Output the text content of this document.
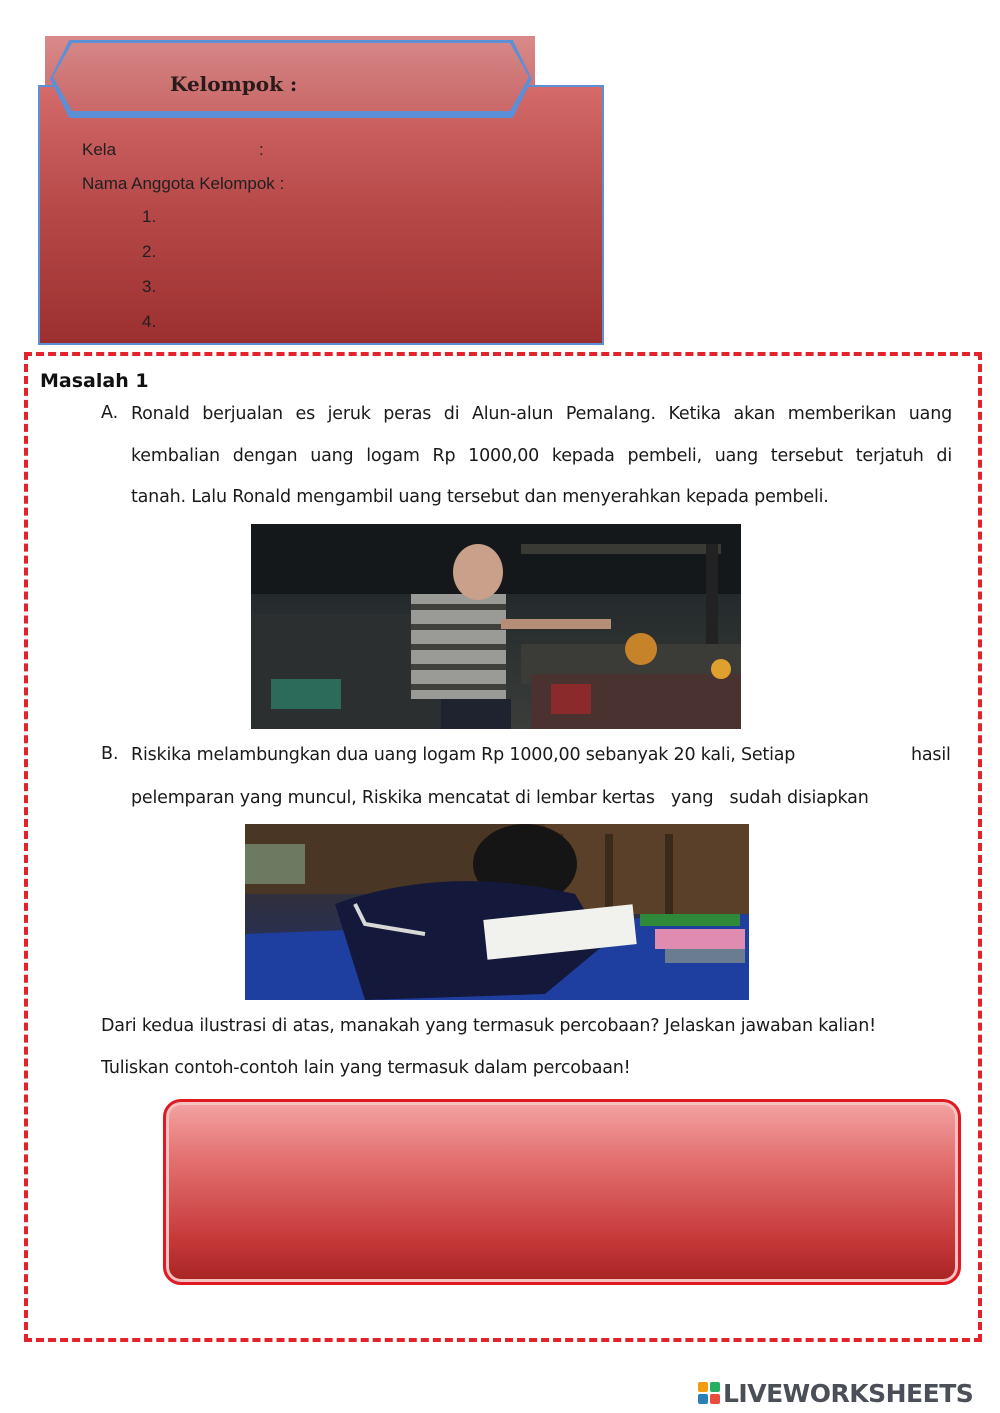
Kelompok :
Kela	:
Nama Anggota Kelompok :
1.
2.
3.
4.
Masalah 1
A. Ronald berjualan es jeruk peras di Alun-alun Pemalang. Ketika akan memberikan uang

kembalian dengan uang logam Rp 1000,00 kepada pembeli, uang tersebut terjatuh di

tanah. Lalu Ronald mengambil uang tersebut dan menyerahkan kepada pembeli.

B. Riskika melambungkan dua uang logam Rp 1000,00 sebanyak 20 kali, Setiap	hasil

pelemparan yang muncul, Riskika mencatat di lembar kertas   yang   sudah disiapkan

Dari kedua ilustrasi di atas, manakah yang termasuk percobaan? Jelaskan jawaban kalian!

Tuliskan contoh-contoh lain yang termasuk dalam percobaan!

LIVEWORKSHEETS
